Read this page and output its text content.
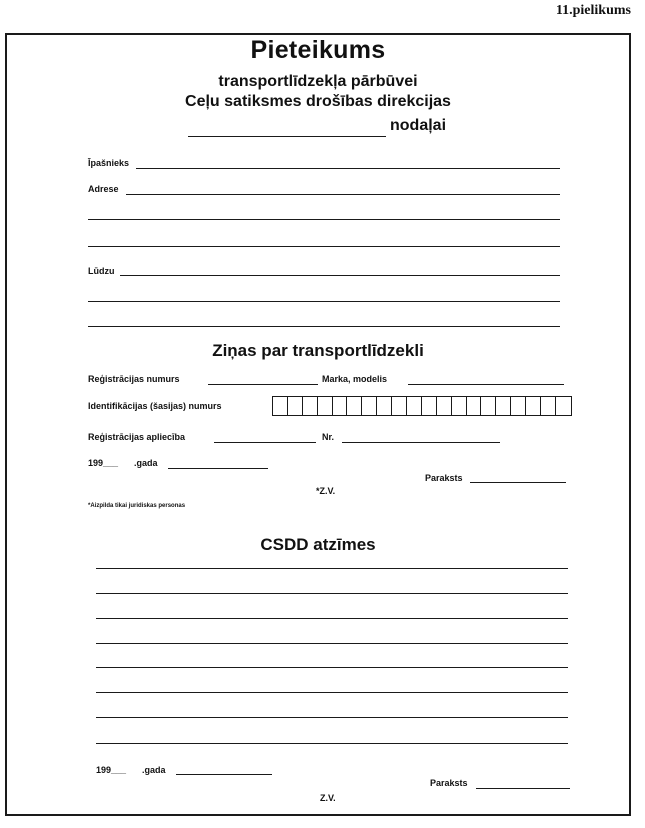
11.pielikums
Pieteikums
transportlīdzekļa pārbūvei
Ceļu satiksmes drošības direkcijas
nodaļai
Īpašnieks
Adrese
Lūdzu
Ziņas par transportlīdzekli
Reģistrācijas numurs	Marka, modelis
Identifikācijas (šasijas) numurs
Reģistrācijas apliecība	Nr.
199___ .gada
Paraksts
*Z.V.
*Aizpilda tikai juridiskas personas
CSDD atzīmes
199___ .gada
Paraksts
Z.V.
